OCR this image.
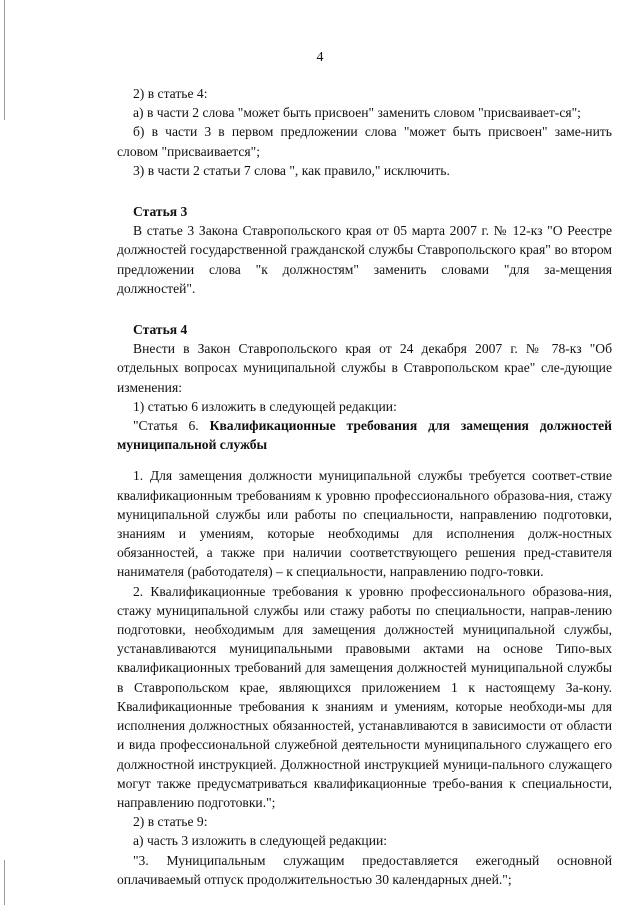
4

2) в статье 4:

а) в части 2 слова "может быть присвоен" заменить словом "присваивает-ся";

б) в части 3 в первом предложении слова "может быть присвоен" заме-нить словом "присваивается";

3) в части 2 статьи 7 слова ", как правило," исключить.

Статья 3

В статье 3 Закона Ставропольского края от 05 марта 2007 г. № 12-кз "О Реестре должностей государственной гражданской службы Ставропольского края" во втором предложении слова "к должностям" заменить словами "для за-мещения должностей".

Статья 4

Внести в Закон Ставропольского края от 24 декабря 2007 г. № 78-кз "Об отдельных вопросах муниципальной службы в Ставропольском крае" сле-дующие изменения:

1) статью 6 изложить в следующей редакции:

"Статья 6. Квалификационные требования для замещения должностей муниципальной службы

1. Для замещения должности муниципальной службы требуется соответ-ствие квалификационным требованиям к уровню профессионального образова-ния, стажу муниципальной службы или работы по специальности, направлению подготовки, знаниям и умениям, которые необходимы для исполнения долж-ностных обязанностей, а также при наличии соответствующего решения пред-ставителя нанимателя (работодателя) – к специальности, направлению подго-товки.

2. Квалификационные требования к уровню профессионального образова-ния, стажу муниципальной службы или стажу работы по специальности, направ-лению подготовки, необходимым для замещения должностей муниципальной службы, устанавливаются муниципальными правовыми актами на основе Типо-вых квалификационных требований для замещения должностей муниципальной службы в Ставропольском крае, являющихся приложением 1 к настоящему За-кону. Квалификационные требования к знаниям и умениям, которые необходи-мы для исполнения должностных обязанностей, устанавливаются в зависимости от области и вида профессиональной служебной деятельности муниципального служащего его должностной инструкцией. Должностной инструкцией муници-пального служащего могут также предусматриваться квалификационные требо-вания к специальности, направлению подготовки.";

2) в статье 9:

а) часть 3 изложить в следующей редакции:

"3. Муниципальным служащим предоставляется ежегодный основной оплачиваемый отпуск продолжительностью 30 календарных дней.";
